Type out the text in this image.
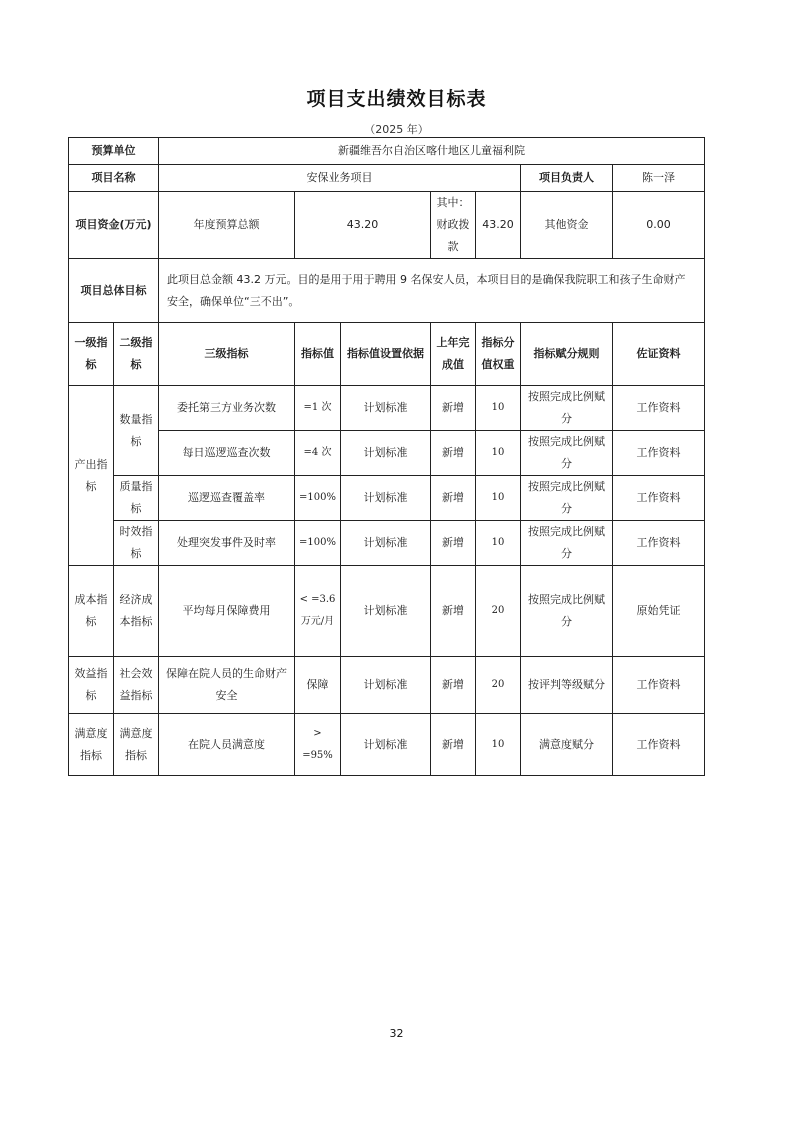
项目支出绩效目标表
（2025 年）
预算单位		新疆维吾尔自治区喀什地区儿童福利院						
项目名称		安保业务项目					项目负责人	陈一泽
项目资金(万元)		年度预算总额	43.20		其中：财政拨款	43.20	其他资金	0.00
项目总体目标		此项目总金额 43.2 万元。目的是用于用于聘用 9 名保安人员，本项目目的是确保我院职工和孩子生命财产安全，确保单位“三不出”。						
一级指标	二级指标	三级指标	指标值	指标值设置依据	上年完成值	指标分值权重	指标赋分规则	佐证资料
产出指标	数量指标	委托第三方业务次数	=1 次	计划标准	新增	10	按照完成比例赋分	工作资料
		每日巡逻巡查次数	=4 次	计划标准	新增	10	按照完成比例赋分	工作资料
	质量指标	巡逻巡查覆盖率	=100%	计划标准	新增	10	按照完成比例赋分	工作资料
	时效指标	处理突发事件及时率	=100%	计划标准	新增	10	按照完成比例赋分	工作资料
成本指标	经济成本指标	平均每月保障费用	< =3.6 万元/月	计划标准	新增	20	按照完成比例赋分	原始凭证
效益指标	社会效益指标	保障在院人员的生命财产安全	保障	计划标准	新增	20	按评判等级赋分	工作资料
满意度指标	满意度指标	在院人员满意度	> =95%	计划标准	新增	10	满意度赋分	工作资料
32
